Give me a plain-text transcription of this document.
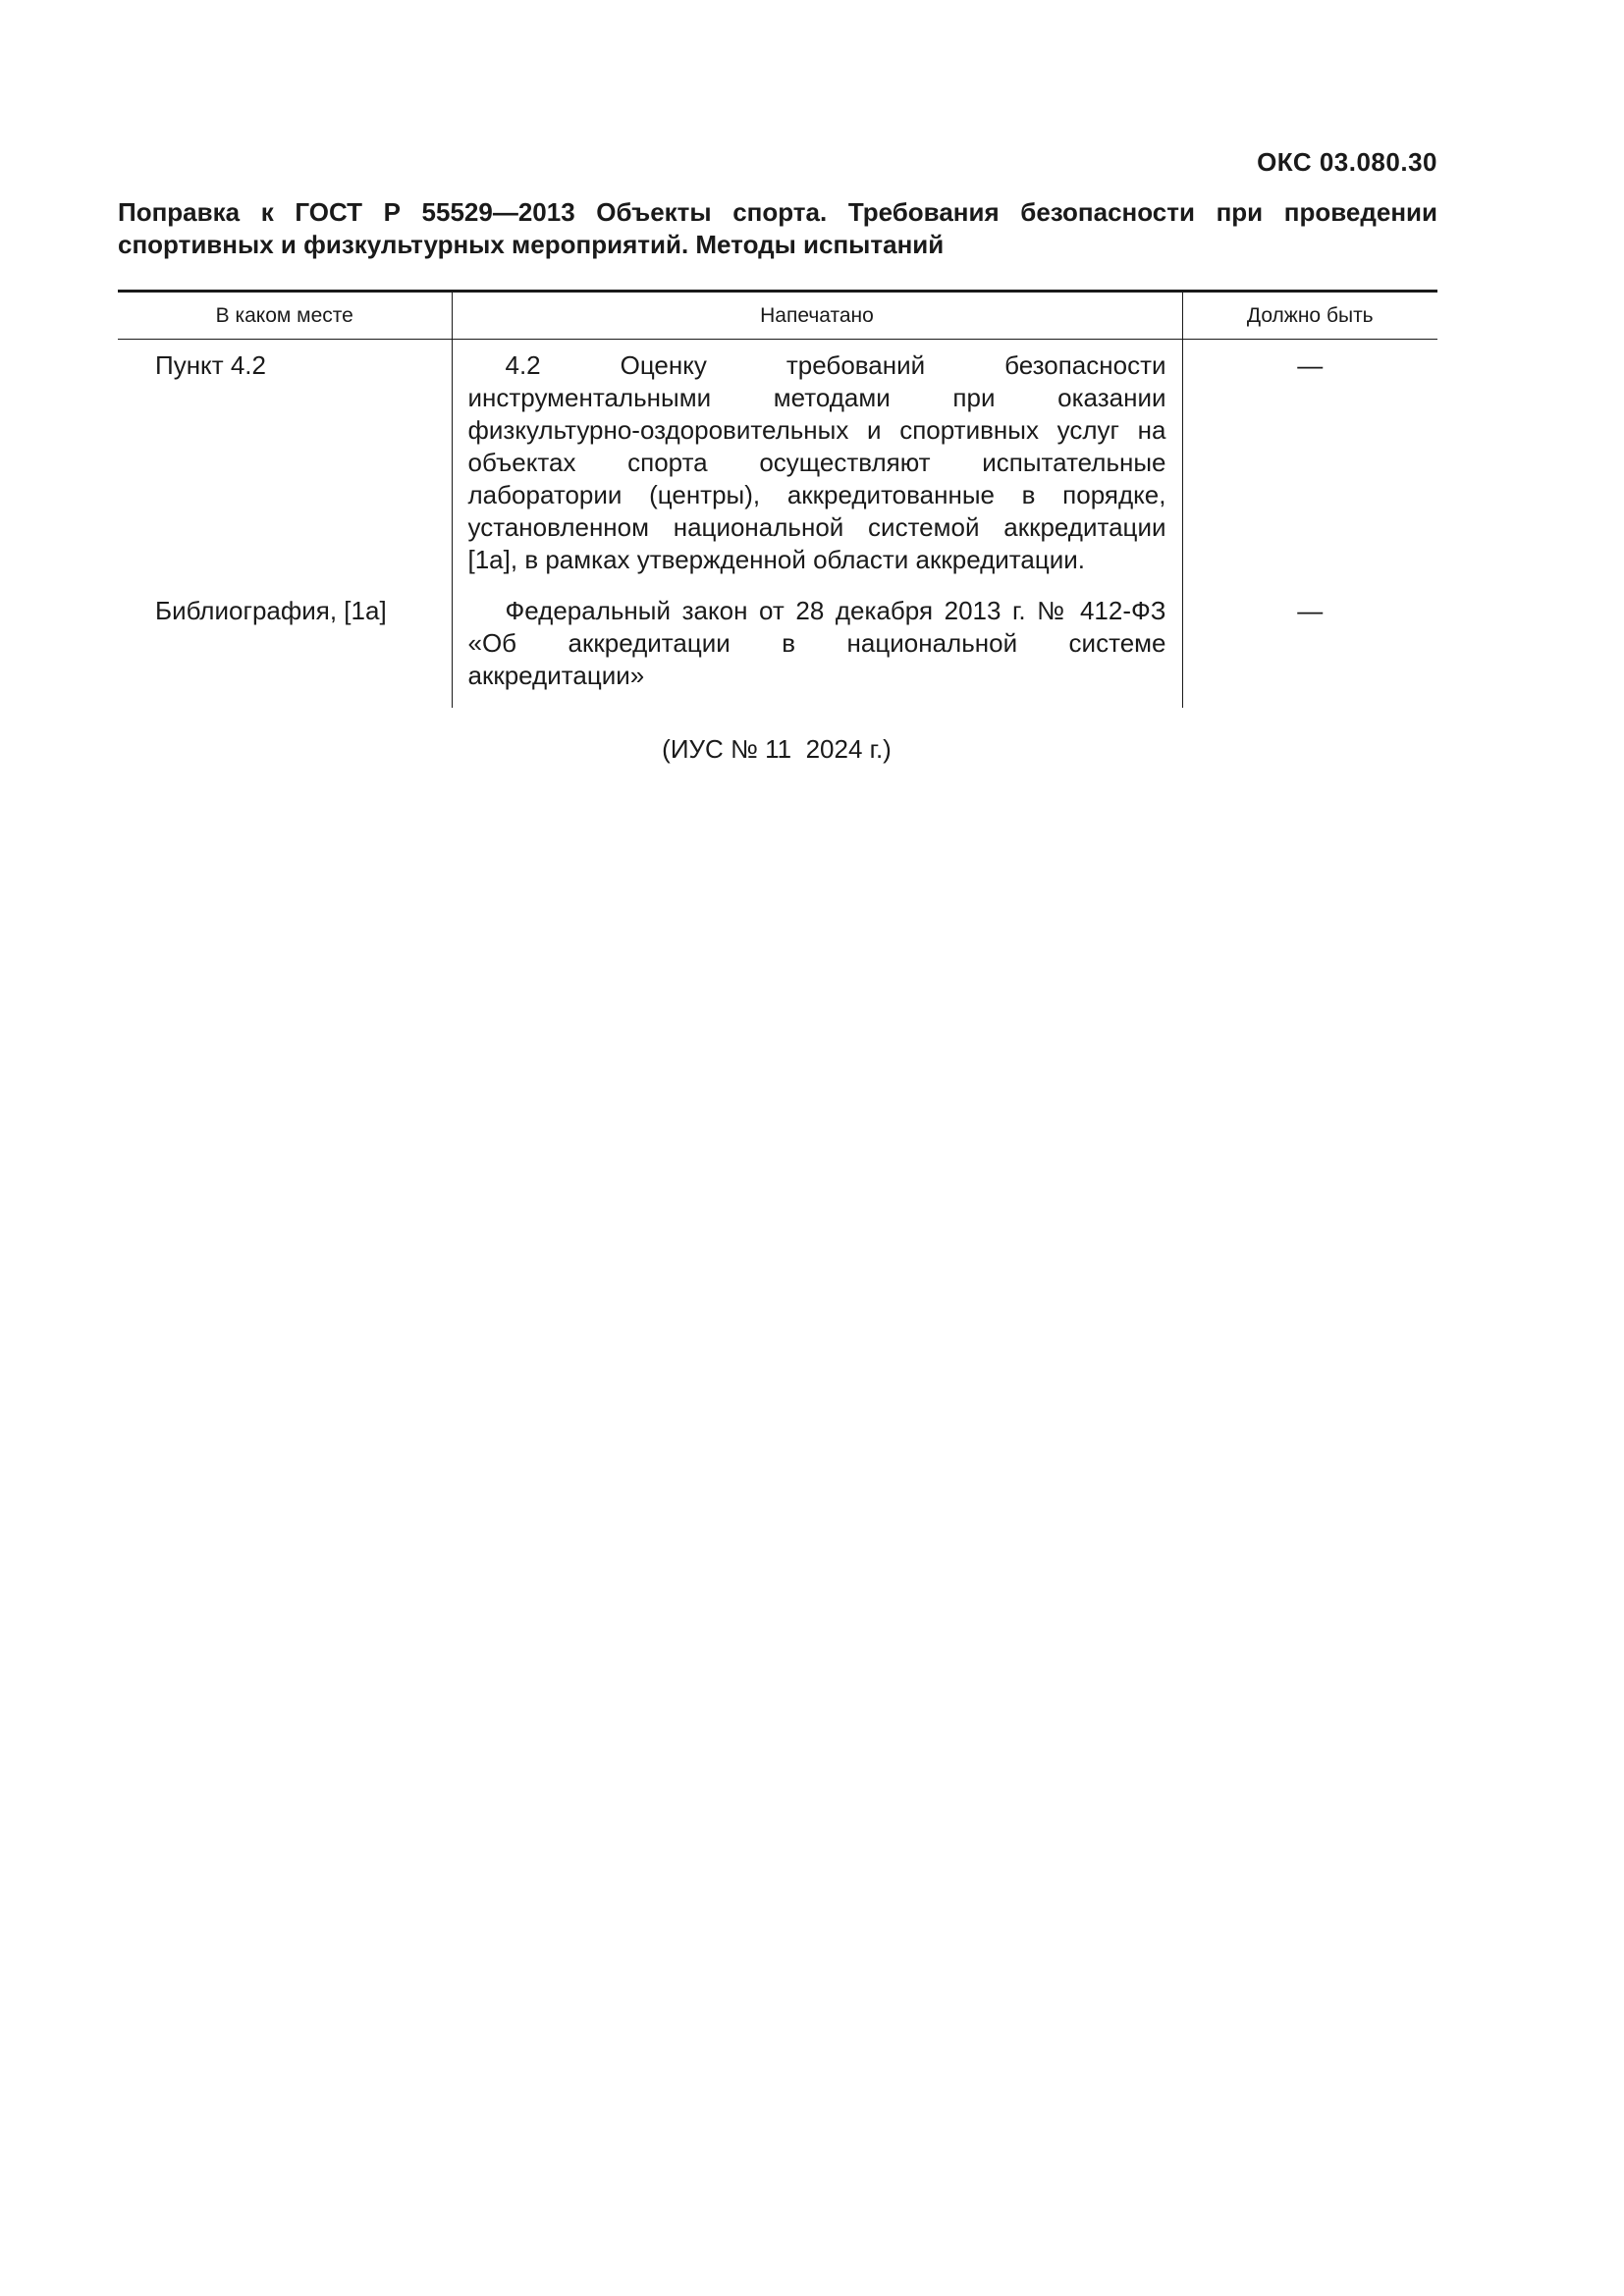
ОКС 03.080.30
Поправка к ГОСТ Р 55529—2013 Объекты спорта. Требования безопасности при проведении спортивных и физкультурных мероприятий. Методы испытаний
В каком месте	Напечатано	Должно быть
Пункт 4.2	4.2 Оценку требований безопасности инструментальными методами при оказании физкультурно-оздоровительных и спортивных услуг на объектах спорта осуществляют испытательные лаборатории (центры), аккредитованные в порядке, установленном национальной системой аккредитации [1а], в рамках утвержденной области аккредитации.	—
Библиография, [1а]	Федеральный закон от 28 декабря 2013 г. № 412-ФЗ «Об аккредитации в национальной системе аккредитации»	—
(ИУС № 11  2024 г.)
